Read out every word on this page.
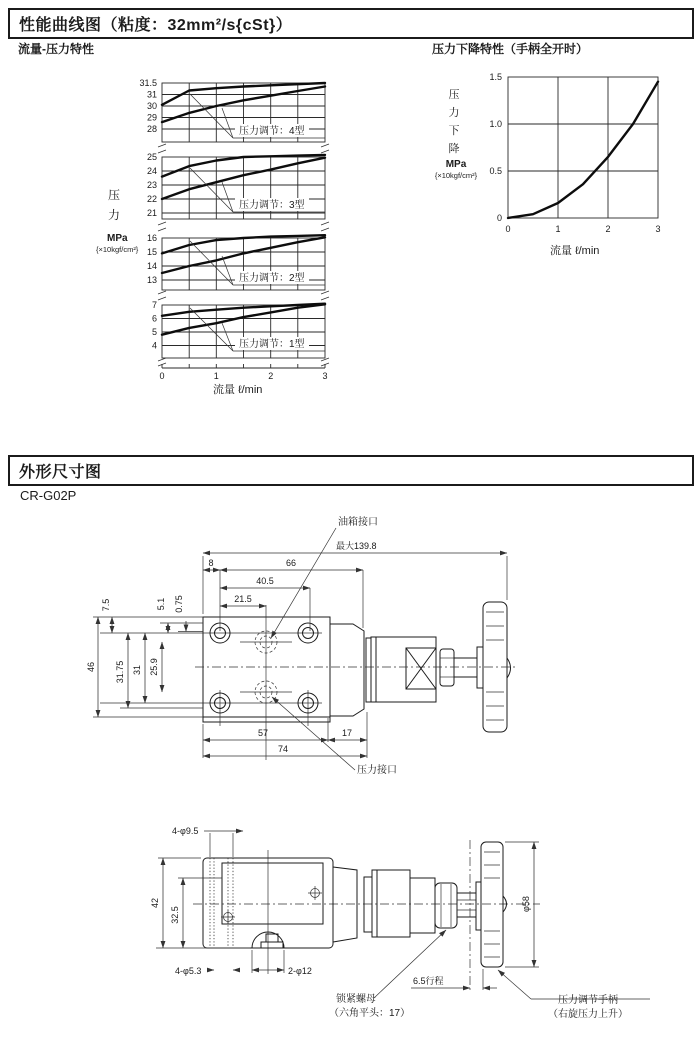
性能曲线图（粘度：32mm²/s{cSt}）
流量-压力特性	压力下降特性（手柄全开时）
压
力
MPa
{×10kgf/cm²}
31.5
31
30
29
28	压力调节：4型
25
24
23
22
21
压力调节：3型
16
15
14
13	压力调节：2型
7
6
5
4	压力调节：1型
0	1	2	3
流量 ℓ/min
压
力
下
降
MPa
{×10kgf/cm²}
1.5
1.0
0.5
0
0	1	2	3
流量 ℓ/min
外形尺寸图
CR-G02P
最大139.8
8	66
40.5
21.5
油箱接口
46
7.5
31.75 31 25.9
5.1 0.75
57	17
74
压力接口
4-φ9.5
42
32.5
4-φ5.3	2-φ12
φ58
6.5行程
锁紧螺母
（六角平头：17）
压力调节手柄
（右旋压力上升）
